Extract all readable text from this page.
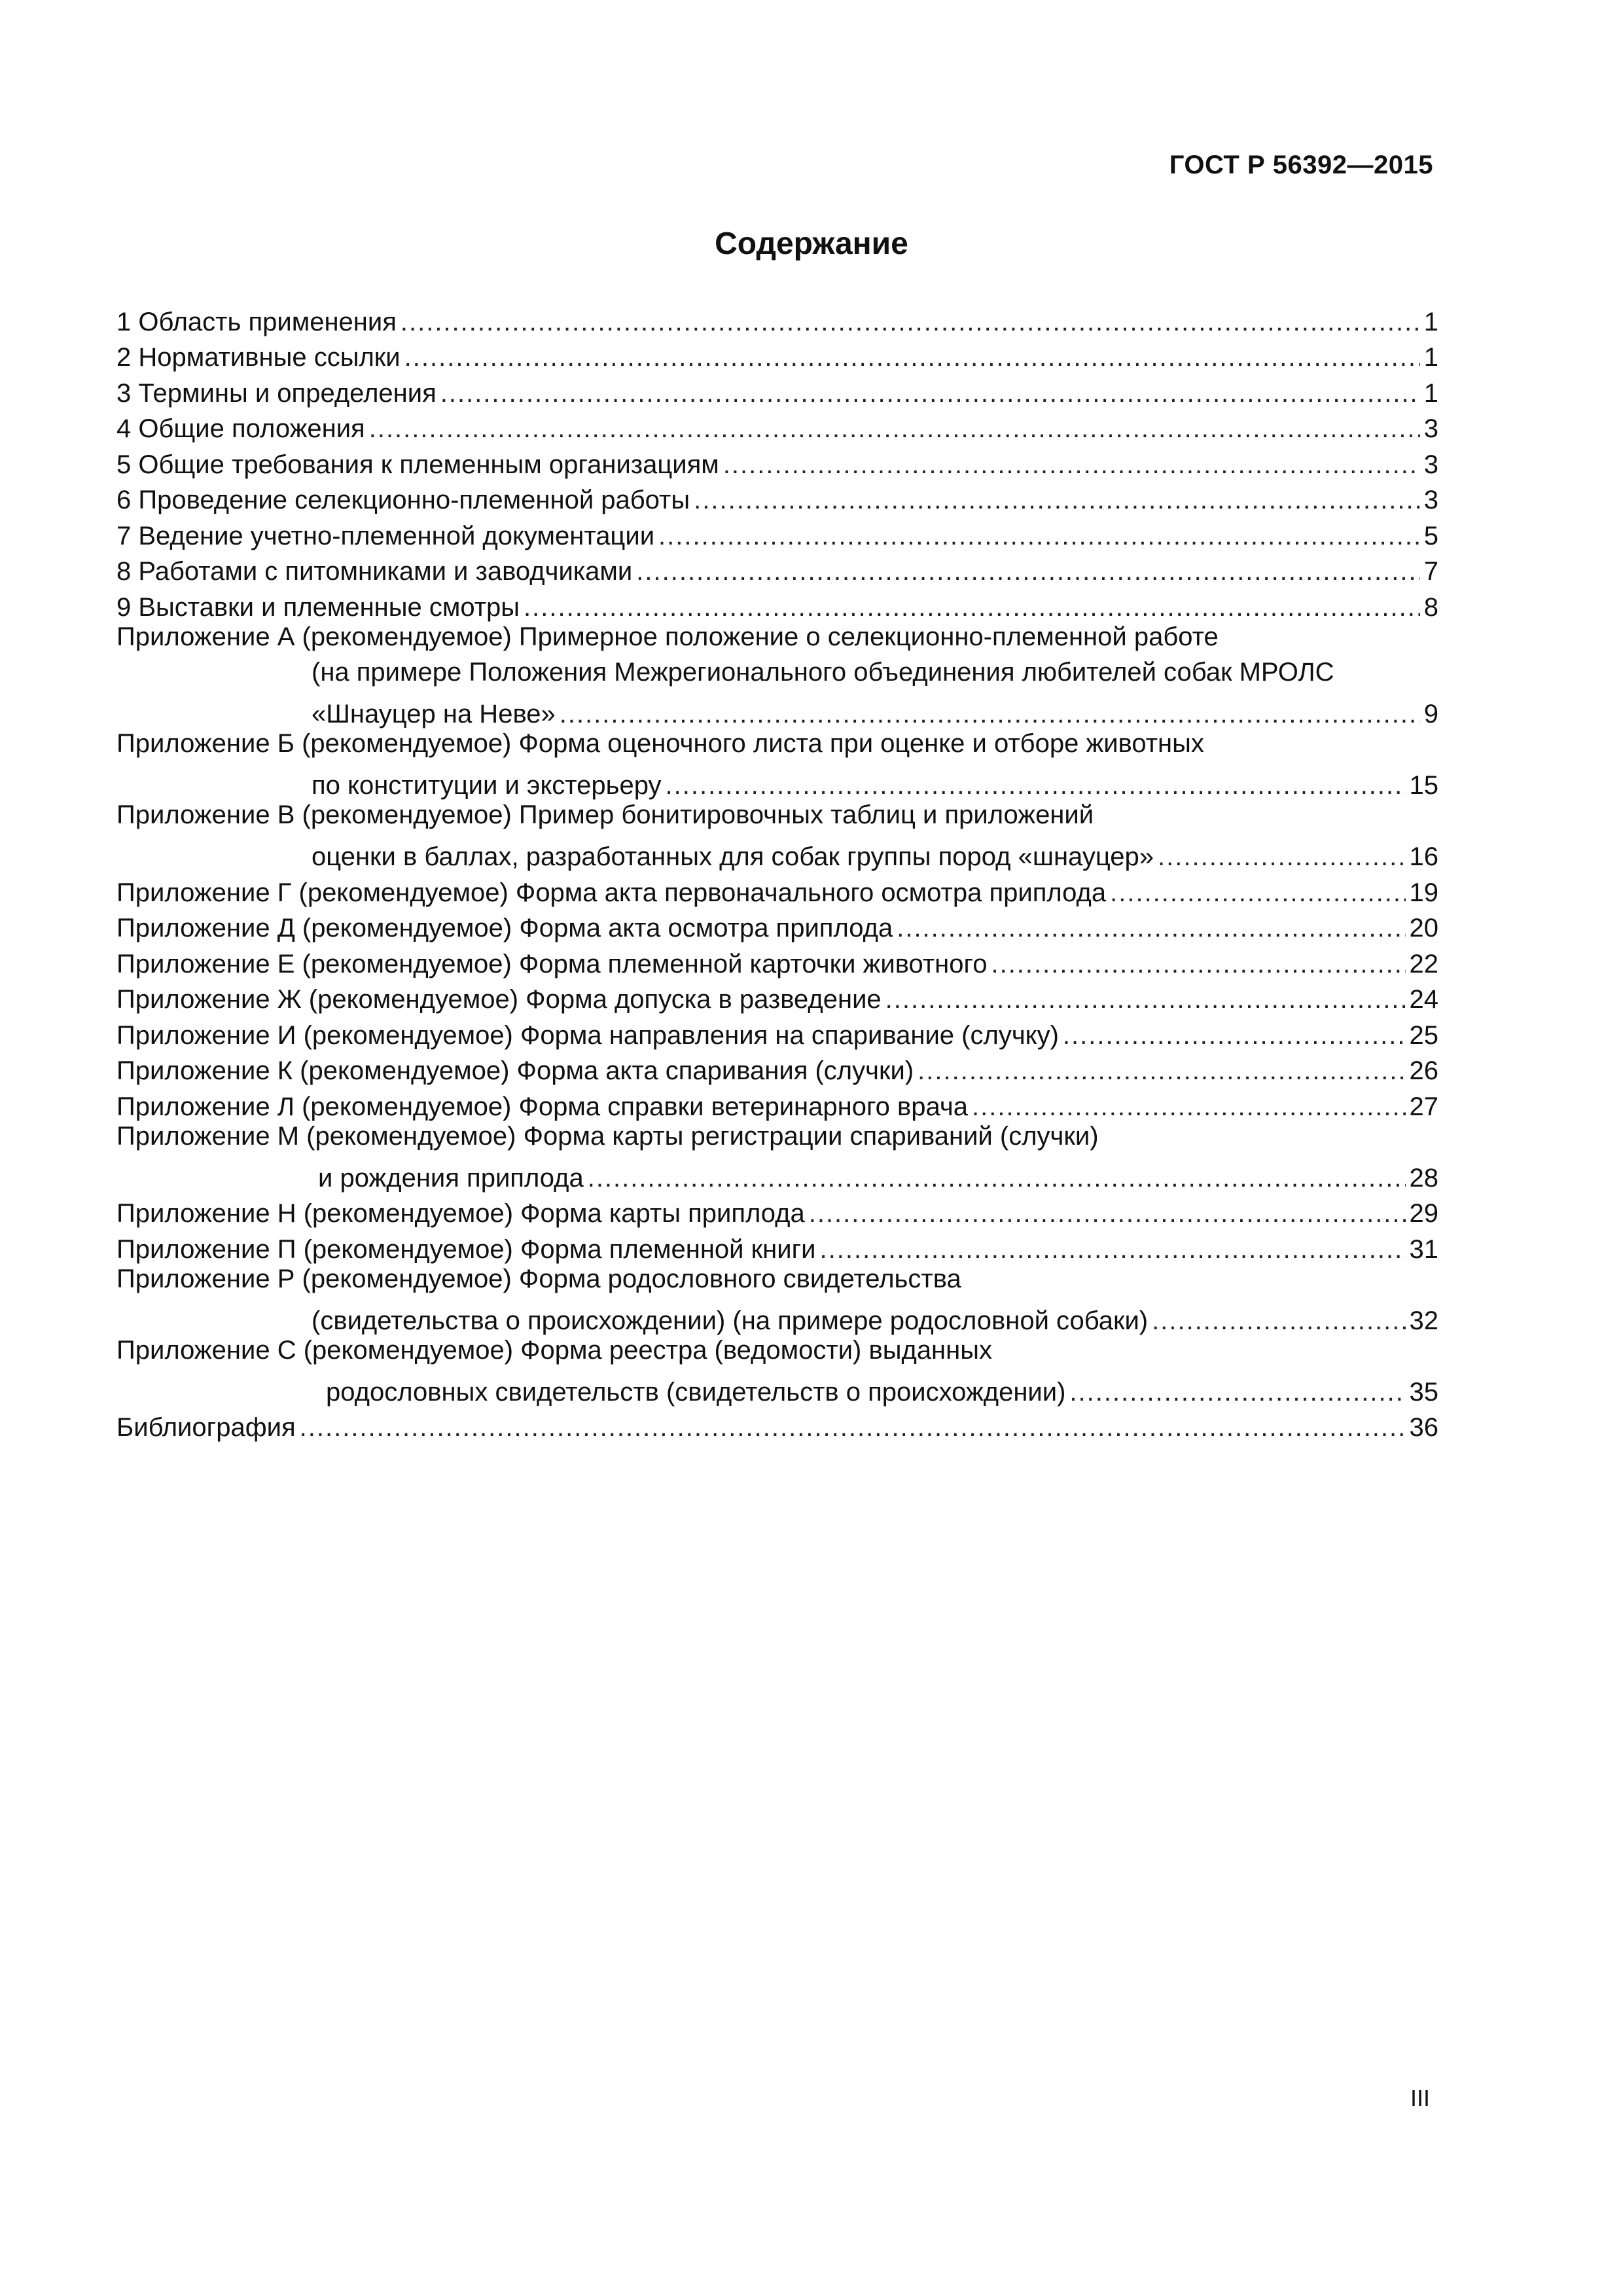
ГОСТ Р 56392—2015
Содержание
1 Область применения .....	1
2 Нормативные ссылки .....	1
3 Термины и определения .....	1
4 Общие положения .....	3
5 Общие требования к племенным организациям .....	3
6 Проведение селекционно-племенной работы .....	3
7 Ведение учетно-племенной документации .....	5
8 Работами с питомниками и заводчиками .....	7
9 Выставки и племенные смотры .....	8
Приложение А (рекомендуемое) Примерное положение о селекционно-племенной работе
(на примере Положения Межрегионального объединения любителей собак МРОЛС
«Шнауцер на Неве» .....	9
Приложение Б (рекомендуемое) Форма оценочного листа при оценке и отборе животных
по конституции и экстерьеру .....	15
Приложение В (рекомендуемое) Пример бонитировочных таблиц и приложений
оценки в баллах, разработанных для собак группы пород «шнауцер» .....	16
Приложение Г (рекомендуемое) Форма акта первоначального осмотра приплода .....	19
Приложение Д (рекомендуемое) Форма акта осмотра приплода .....	20
Приложение Е (рекомендуемое) Форма племенной карточки животного .....	22
Приложение Ж (рекомендуемое) Форма допуска в разведение .....	24
Приложение И (рекомендуемое) Форма направления на спаривание (случку) .....	25
Приложение К (рекомендуемое) Форма акта спаривания (случки) .....	26
Приложение Л (рекомендуемое) Форма справки ветеринарного врача .....	27
Приложение М (рекомендуемое) Форма карты регистрации спариваний (случки)
и рождения приплода .....	28
Приложение Н (рекомендуемое) Форма карты приплода .....	29
Приложение П (рекомендуемое) Форма племенной книги .....	31
Приложение Р (рекомендуемое) Форма родословного свидетельства
(свидетельства о происхождении) (на примере родословной собаки) .....	32
Приложение С (рекомендуемое) Форма реестра (ведомости) выданных
родословных свидетельств (свидетельств о происхождении) .....	35
Библиография .....	36
III
